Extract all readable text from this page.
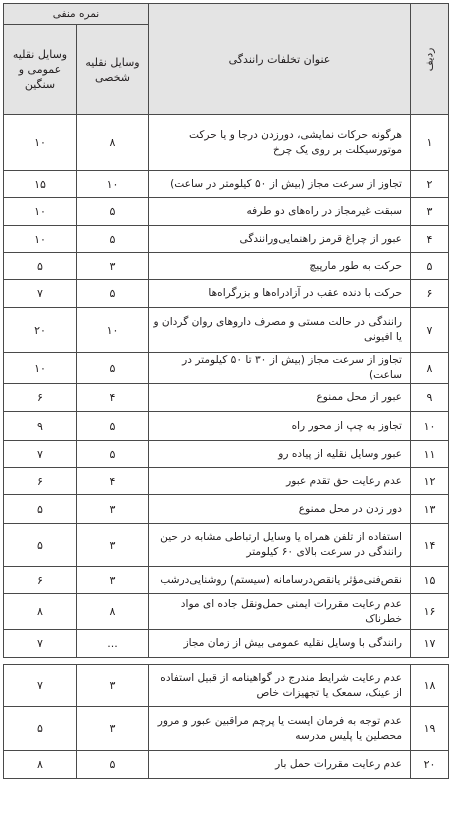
ردیف	عنوان تخلفات رانندگی	نمره منفی	
		وسایل نقلیه شخصی	وسایل نقلیه عمومی و سنگین
۱	هرگونه حرکات نمایشی، دورزدن درجا و یا حرکت موتورسیکلت بر روی یک چرخ	۸	۱۰
۲	تجاوز از سرعت مجاز (بیش از ۵۰ کیلومتر در ساعت)	۱۰	۱۵
۳	سبقت غیرمجاز در راه‌های دو طرفه	۵	۱۰
۴	عبور از چراغ قرمز راهنمایی‌ورانندگی	۵	۱۰
۵	حرکت به طور مارپیچ	۳	۵
۶	حرکت با دنده عقب در آزادراه‌ها و بزرگراه‌ها	۵	۷
۷	رانندگی در حالت مستی و مصرف داروهای روان گردان و یا افیونی	۱۰	۲۰
۸	تجاوز از سرعت مجاز (بیش از ۳۰ تا ۵۰ کیلومتر در ساعت)	۵	۱۰
۹	عبور از محل ممنوع	۴	۶
۱۰	تجاوز به چپ از محور راه	۵	۹
۱۱	عبور وسایل نقلیه از پیاده رو	۵	۷
۱۲	عدم رعایت حق تقدم عبور	۴	۶
۱۳	دور زدن در محل ممنوع	۳	۵
۱۴	استفاده از تلفن همراه یا وسایل ارتباطی مشابه در حین رانندگی در سرعت بالای ۶۰ کیلومتر	۳	۵
۱۵	نقص‌فنی‌مؤثر یانقص‌درسامانه (سیستم) روشنایی‌درشب	۳	۶
۱۶	عدم رعایت مقررات ایمنی حمل‌ونقل جاده ای مواد خطرناک	۸	۸
۱۷	رانندگی با وسایل نقلیه عمومی بیش از زمان مجاز	...	۷

۱۸	عدم رعایت شرایط مندرج در گواهینامه از قبیل استفاده از عینک، سمعک یا تجهیزات خاص	۳	۷
۱۹	عدم توجه به فرمان ایست یا پرچم مراقبین عبور و مرور محصلین یا پلیس مدرسه	۳	۵
۲۰	عدم رعایت مقررات حمل بار	۵	۸
